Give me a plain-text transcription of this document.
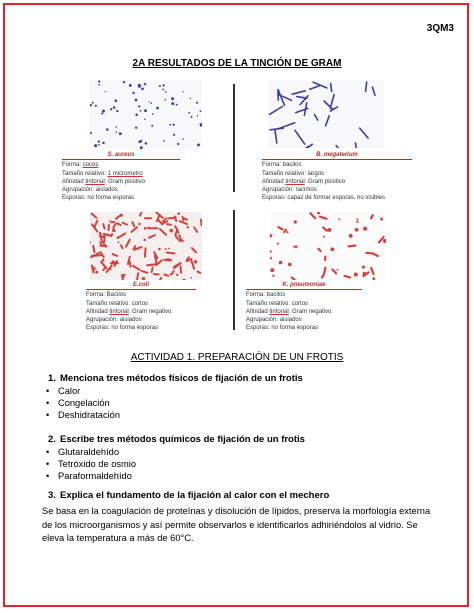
3QM3
2A RESULTADOS DE LA TINCIÓN DE GRAM
S. aureus
Forma: cocos
Tamaño relativo: 1 micrometro
Afinidad tintorial: Gram positivo
Agrupación: aislados
Esporas: no forma esporas
B. megaterium
Forma: bacilos
Tamaño relativo: largos
Afinidad tintorial: Gram positivo
Agrupación: racimos
Esporas: capaz de formar esporas, no visibles
E.coli
Forma: Bacilos
Tamaño relativo: cortos
Afinidad tintorial: Gram negativo
Agrupación: aislados
Esporas: no forma esporas
K. pneumoniae
Forma: bacilos
Tamaño relativo: cortos
Afinidad tintorial: Gram negativo
Agrupación: aislados
Esporas: no forma esporas
ACTIVIDAD 1. PREPARACIÓN DE UN FROTIS
1. Menciona tres métodos físicos de fijación de un frotis
• Calor
• Congelación
• Deshidratación
2. Escribe tres métodos químicos de fijación de un frotis
• Glutaraldehído
• Tetróxido de osmio
• Paraformaldehído
3. Explica el fundamento de la fijación al calor con el mechero
Se basa en la coagulación de proteínas y disolución de lípidos, preserva la morfología externa de los microorganismos y así permite observarlos e identificarlos adhiriéndolos al vidrio. Se eleva la temperatura a más de 60°C.
